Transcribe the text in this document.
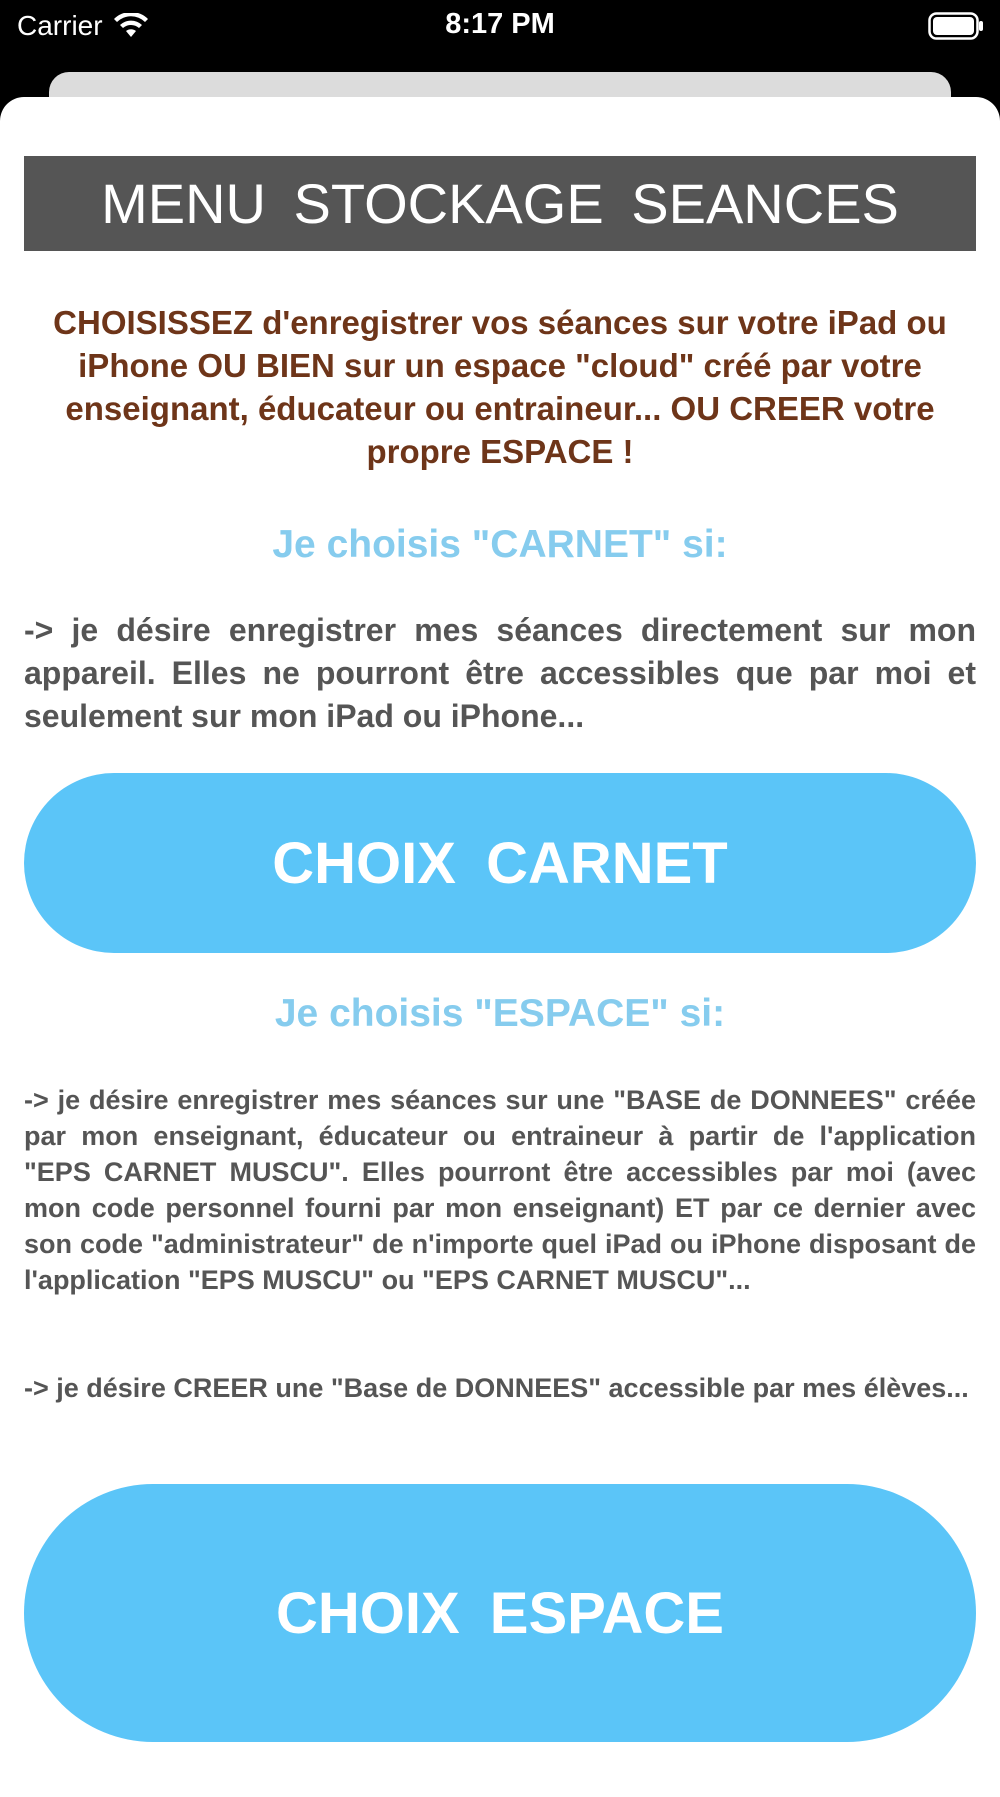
Carrier	8:17 PM
MENU STOCKAGE SEANCES
CHOISISSEZ d'enregistrer vos séances sur votre iPad ou iPhone OU BIEN sur un espace "cloud" créé par votre enseignant, éducateur ou entraineur... OU CREER votre propre ESPACE !
Je choisis "CARNET" si:
-> je désire enregistrer mes séances directement sur mon appareil. Elles ne pourront être accessibles que par moi et seulement sur mon iPad ou iPhone...
CHOIX CARNET
Je choisis "ESPACE" si:
-> je désire enregistrer mes séances sur une "BASE de DONNEES" créée par mon enseignant, éducateur ou entraineur à partir de l'application "EPS CARNET MUSCU". Elles pourront être accessibles par moi (avec mon code personnel fourni par mon enseignant) ET par ce dernier avec son code "administrateur" de n'importe quel iPad ou iPhone disposant de l'application "EPS MUSCU" ou "EPS CARNET MUSCU"...
-> je désire CREER une "Base de DONNEES" accessible par mes élèves...
CHOIX ESPACE
